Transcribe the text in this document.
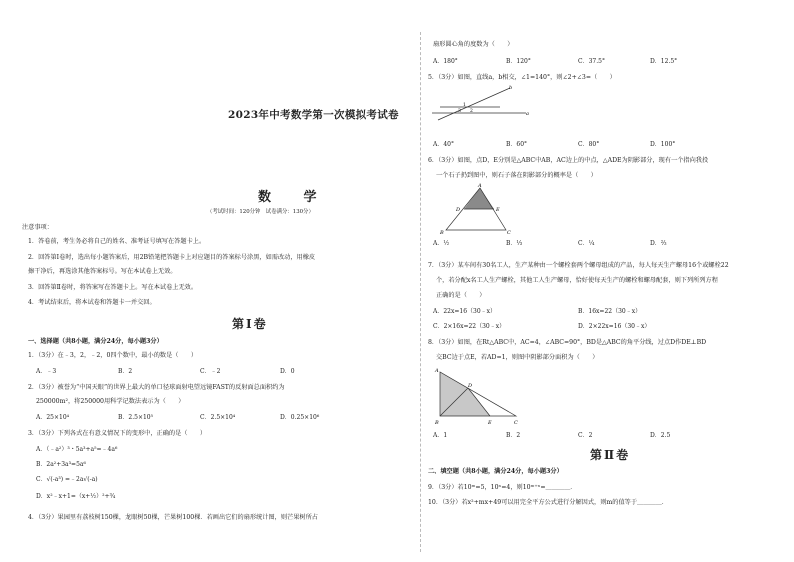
2023年中考数学第一次模拟考试卷
数 学
（考试时间：120分钟　试卷满分：130分）
注意事项：
1．答卷前，考生务必将自己的姓名、准考证号填写在答题卡上。
2．回答第Ⅰ卷时，选出每小题答案后，用2B铅笔把答题卡上对应题目的答案标号涂黑，如需改动，用橡皮
擦干净后，再选涂其他答案标号。写在本试卷上无效。
3．回答第Ⅱ卷时，将答案写在答题卡上。写在本试卷上无效。
4．考试结束后，将本试卷和答题卡一并交回。
第Ⅰ卷
一、选择题（共8小题，满分24分，每小题3分）
1．（3分）在﹣3，2，﹣2，0四个数中，最小的数是（　　）
A．﹣3	B．2	C．﹣2	D．0
2．（3分）被誉为“中国天眼”的世界上最大的单口径球面射电望远镜FAST的反射面总面积约为
250000m²，将250000用科学记数法表示为（　　）
A．25×10⁴	B．2.5×10⁵	C．2.5×10⁴	D．0.25×10⁶
3．（3分）下列各式在有意义情况下的变形中，正确的是（　　）
A．（﹣a²）³・5a³+a⁵=﹣4a⁶
B．2a²+3a³=5a⁶
C．√(-a³) =﹣2a√(-a)
D．x²﹣x+1=（x+½）²+¾
4．（3分）果园里有荔枝树150棵，龙眼树50棵，芒果树100棵．若画出它们的扇形统计图，则芒果树所占
扇形圆心角的度数为（　　）
A．180°	B．120°	C．37.5°	D．12.5°
5．（3分）如图，直线a，b相交，∠1=140°，则∠2+∠3=（　　）
b
a
1
2
3
A．40°	B．60°	C．80°	D．100°
6．（3分）如图，点D，E分别是△ABC中AB，AC边上的中点，△ADE为阴影部分，现有一个指向我投
一个石子扔到图中，则石子落在阴影部分的概率是（　　）
A
D	E
B	C
A．½	B．⅓	C．¼	D．⅔
7．（3分）某车间有30名工人，生产某种由一个螺栓套两个螺母组成的产品，每人每天生产螺母16个或螺栓22
个，若分配x名工人生产螺栓，其他工人生产螺母，恰好使每天生产的螺栓和螺母配套，则下列所列方程
正确的是（　　）
A．22x=16（30﹣x）	B．16x=22（30﹣x）
C．2×16x=22（30﹣x）	D．2×22x=16（30﹣x）
8．（3分）如图，在Rt△ABC中，AC=4，∠ABC=90°，BD是△ABC的角平分线，过点D作DE⊥BD
交BC边于点E，若AD=1，则图中阴影部分面积为（　　）
A
D
B	E	C
A．1	B．2	C．2	D．2.5
第Ⅱ卷
二、填空题（共8小题，满分24分，每小题3分）
9．（3分）若10ᵐ=5，10ⁿ=4，则10ᵐ⁺ⁿ=＿＿＿＿．
10．（3分）若x²+mx+49可以用完全平方公式进行分解因式，则m的值等于＿＿＿＿．
